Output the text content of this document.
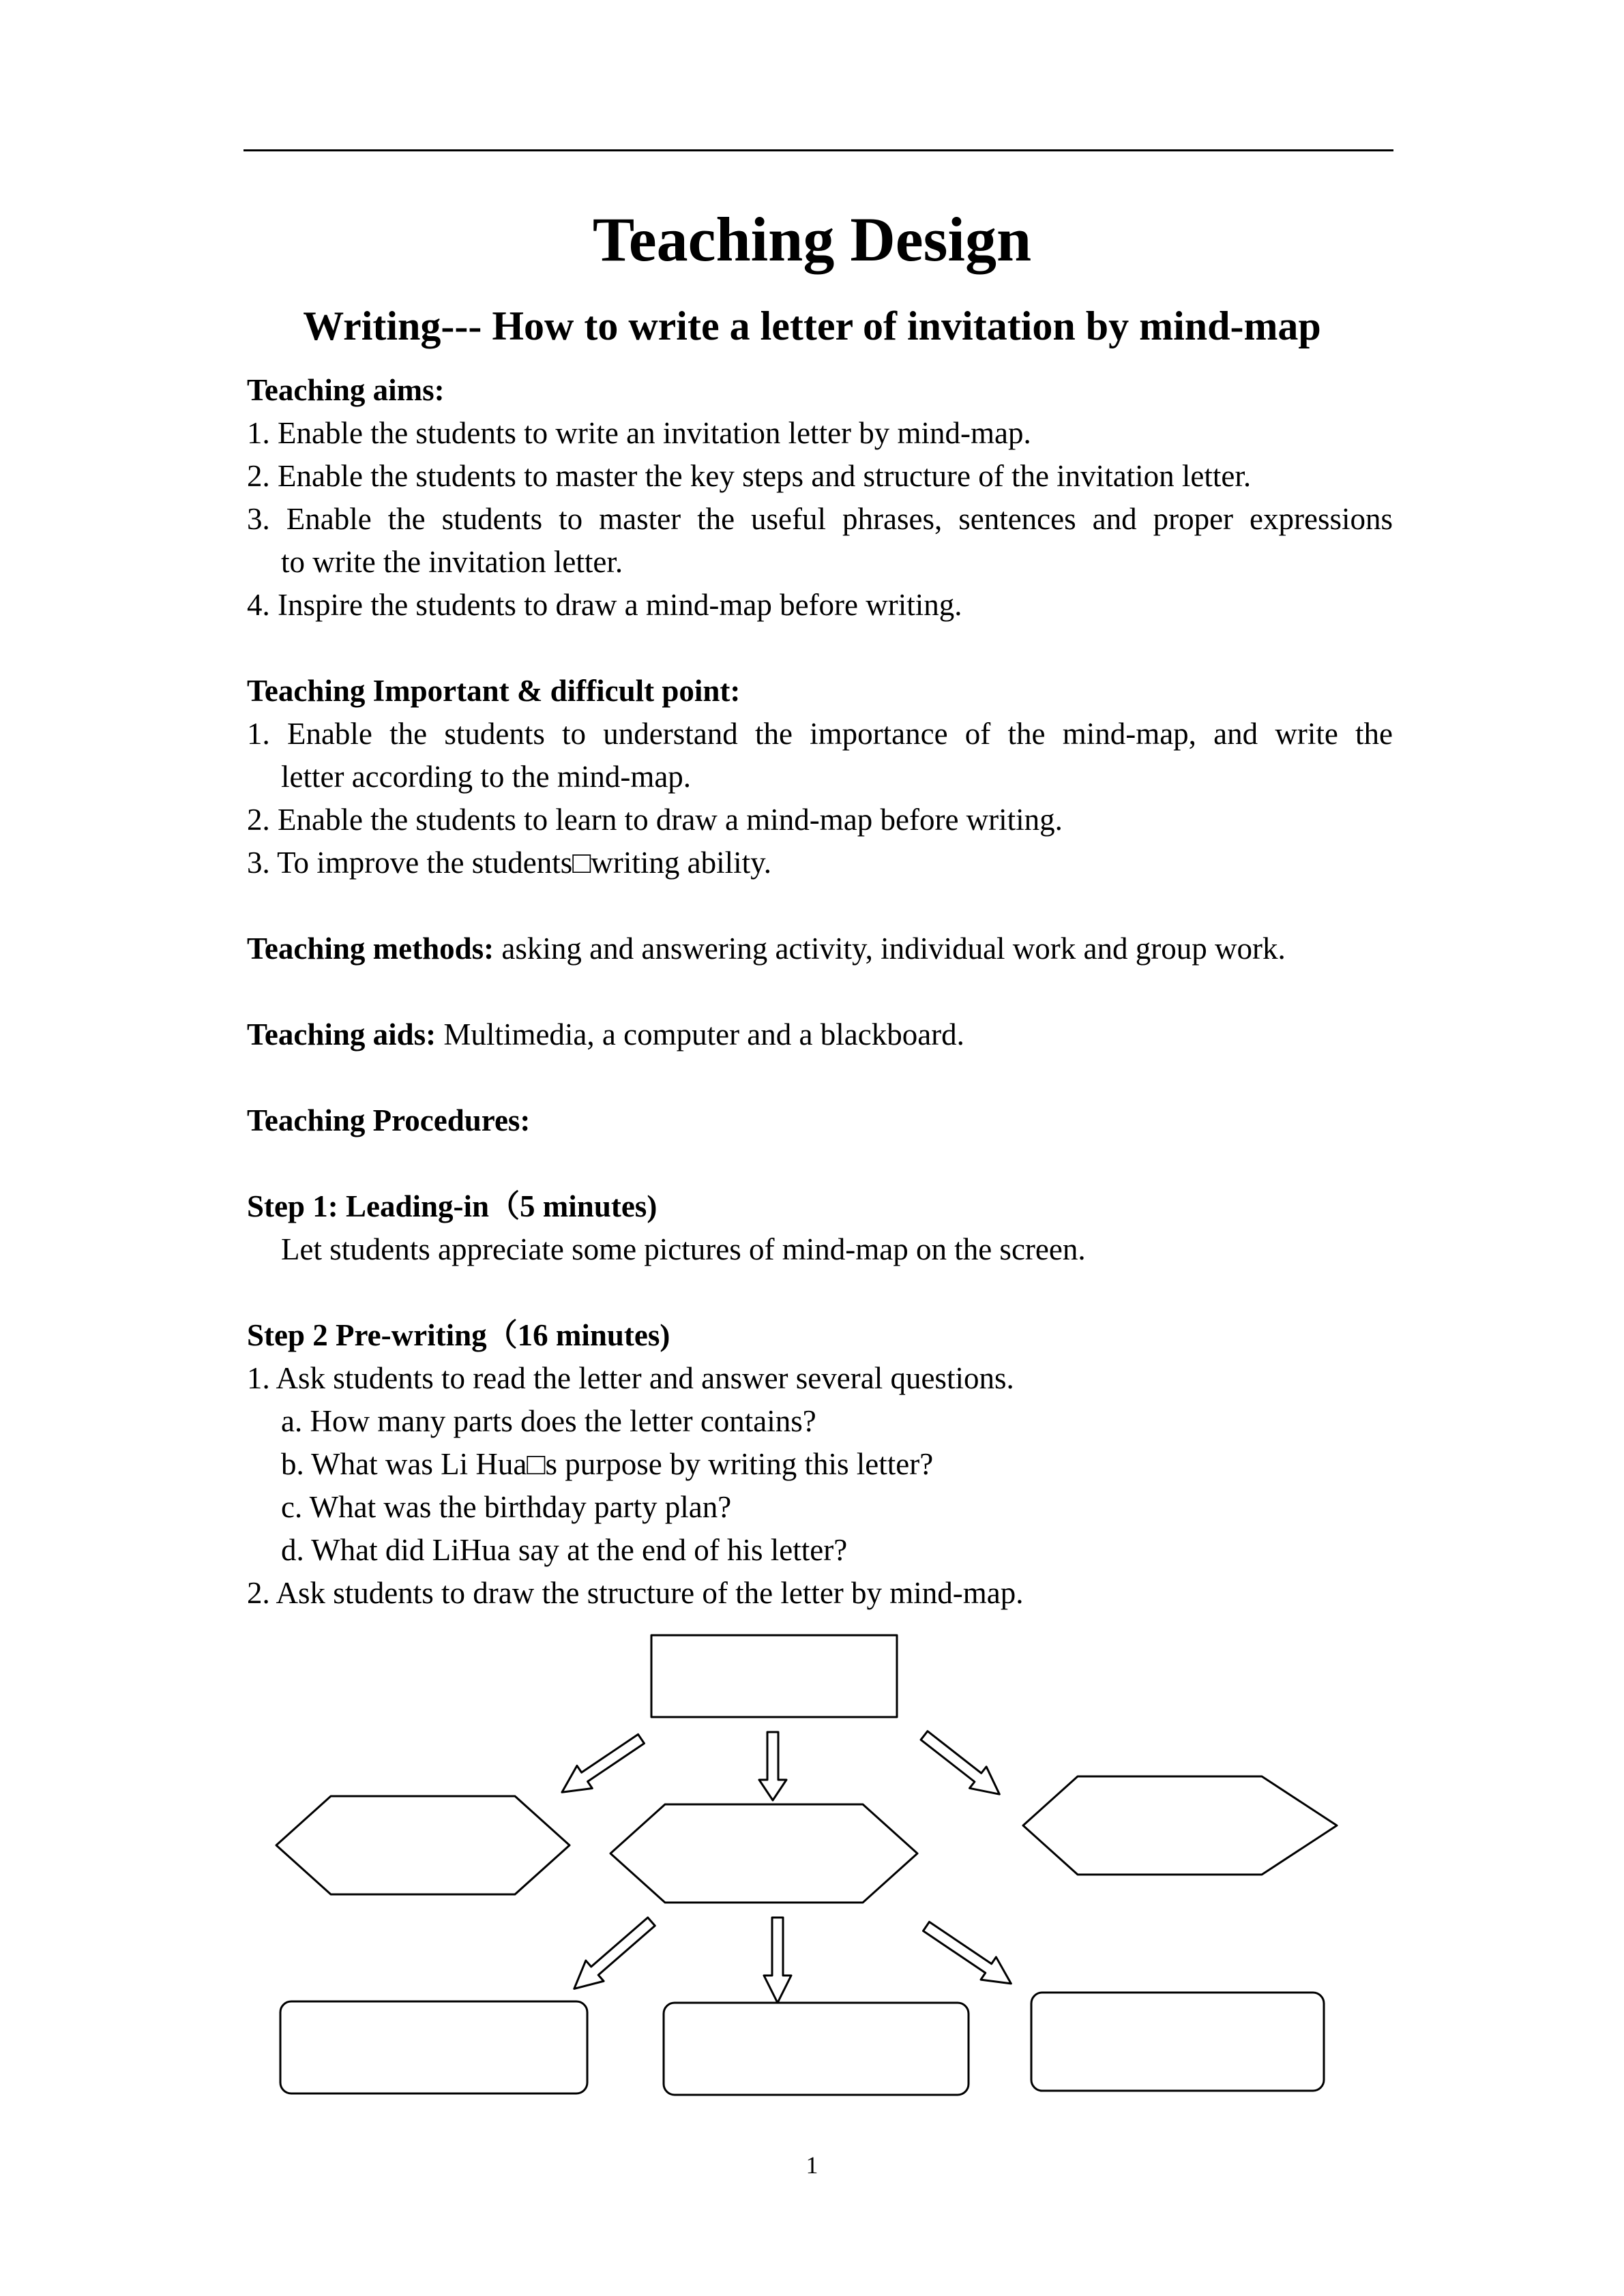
Teaching Design
Writing--- How to write a letter of invitation by mind-map
Teaching aims:
1. Enable the students to write an invitation letter by mind-map.
2. Enable the students to master the key steps and structure of the invitation letter.
3. Enable the students to master the useful phrases, sentences and proper expressions
to write the invitation letter.
4. Inspire the students to draw a mind-map before writing.
Teaching Important & difficult point:
1. Enable the students to understand the importance of the mind-map, and write the
letter according to the mind-map.
2. Enable the students to learn to draw a mind-map before writing.
3. To improve the students□writing ability.
Teaching methods: asking and answering activity, individual work and group work.
Teaching aids: Multimedia, a computer and a blackboard.
Teaching Procedures:
Step 1: Leading-in（5 minutes)
Let students appreciate some pictures of mind-map on the screen.
Step 2 Pre-writing（16 minutes)
1. Ask students to read the letter and answer several questions.
a. How many parts does the letter contains?
b. What was Li Hua□s purpose by writing this letter?
c. What was the birthday party plan?
d. What did LiHua say at the end of his letter?
2. Ask students to draw the structure of the letter by mind-map.
1
